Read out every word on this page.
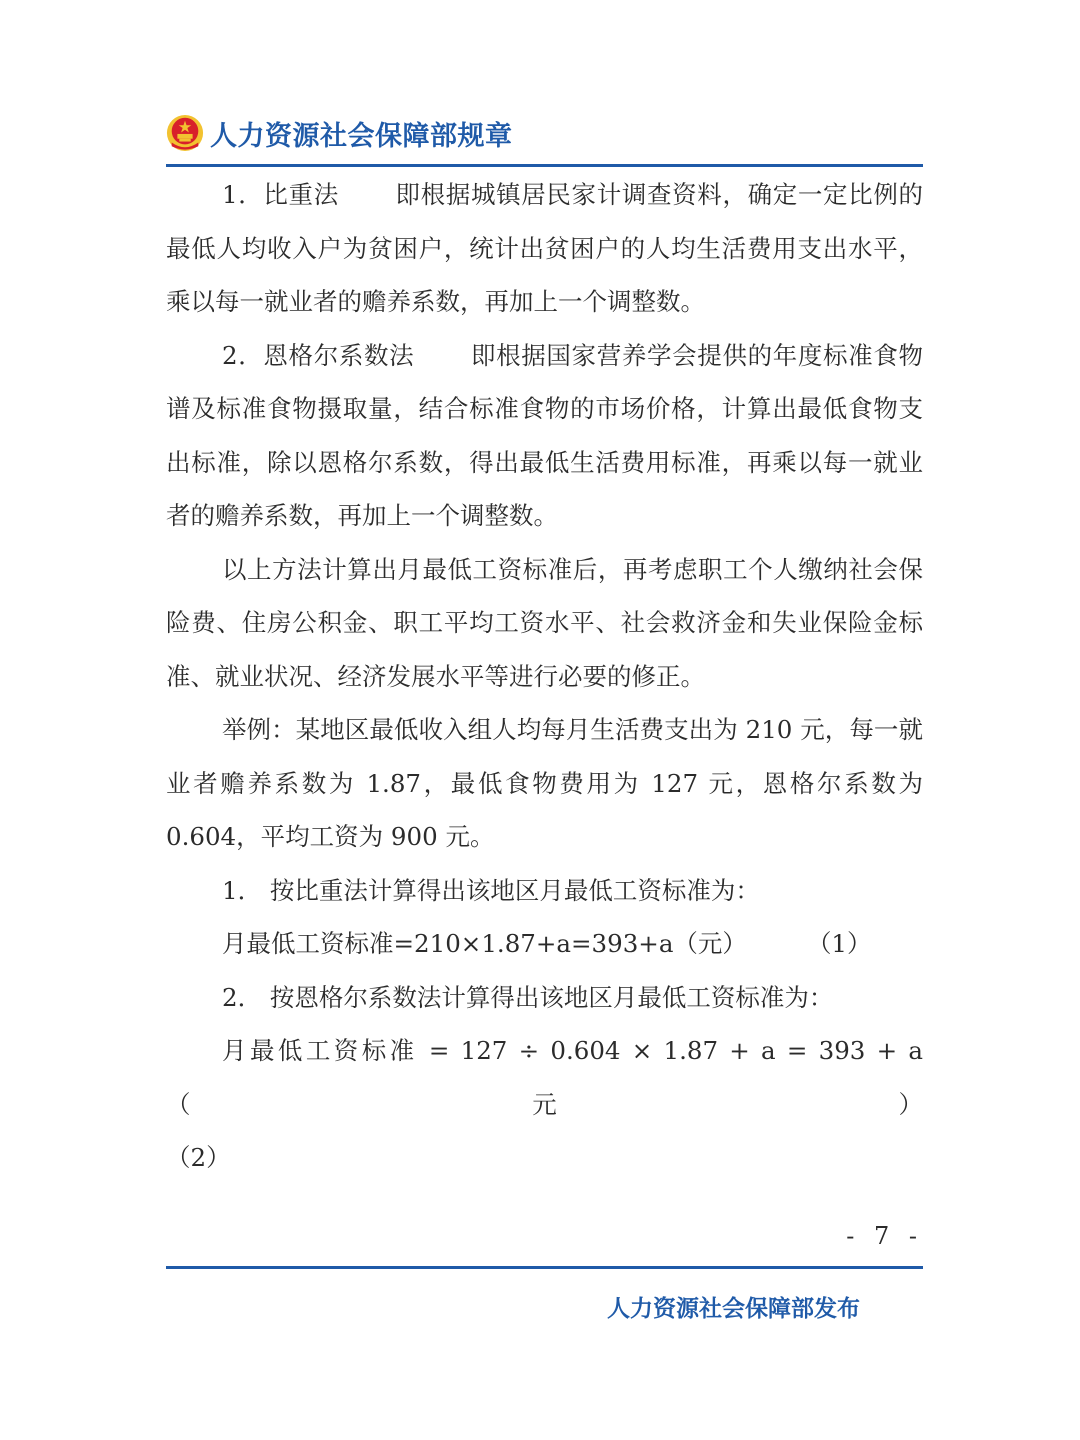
人力资源社会保障部规章

1．比重法 即根据城镇居民家计调查资料，确定一定比例的最低人均收入户为贫困户，统计出贫困户的人均生活费用支出水平，乘以每一就业者的赡养系数，再加上一个调整数。

2．恩格尔系数法 即根据国家营养学会提供的年度标准食物谱及标准食物摄取量，结合标准食物的市场价格，计算出最低食物支出标准，除以恩格尔系数，得出最低生活费用标准，再乘以每一就业者的赡养系数，再加上一个调整数。

以上方法计算出月最低工资标准后，再考虑职工个人缴纳社会保险费、住房公积金、职工平均工资水平、社会救济金和失业保险金标准、就业状况、经济发展水平等进行必要的修正。

举例：某地区最低收入组人均每月生活费支出为 210 元，每一就业者赡养系数为 1.87，最低食物费用为 127 元，恩格尔系数为 0.604，平均工资为 900 元。

1． 按比重法计算得出该地区月最低工资标准为：

月最低工资标准=210×1.87+a=393+a（元） （1）

2． 按恩格尔系数法计算得出该地区月最低工资标准为：

月最低工资标准 = 127 ÷ 0.604 × 1.87 + a = 393 + a （元）

（2）

- 7 -
人力资源社会保障部发布
